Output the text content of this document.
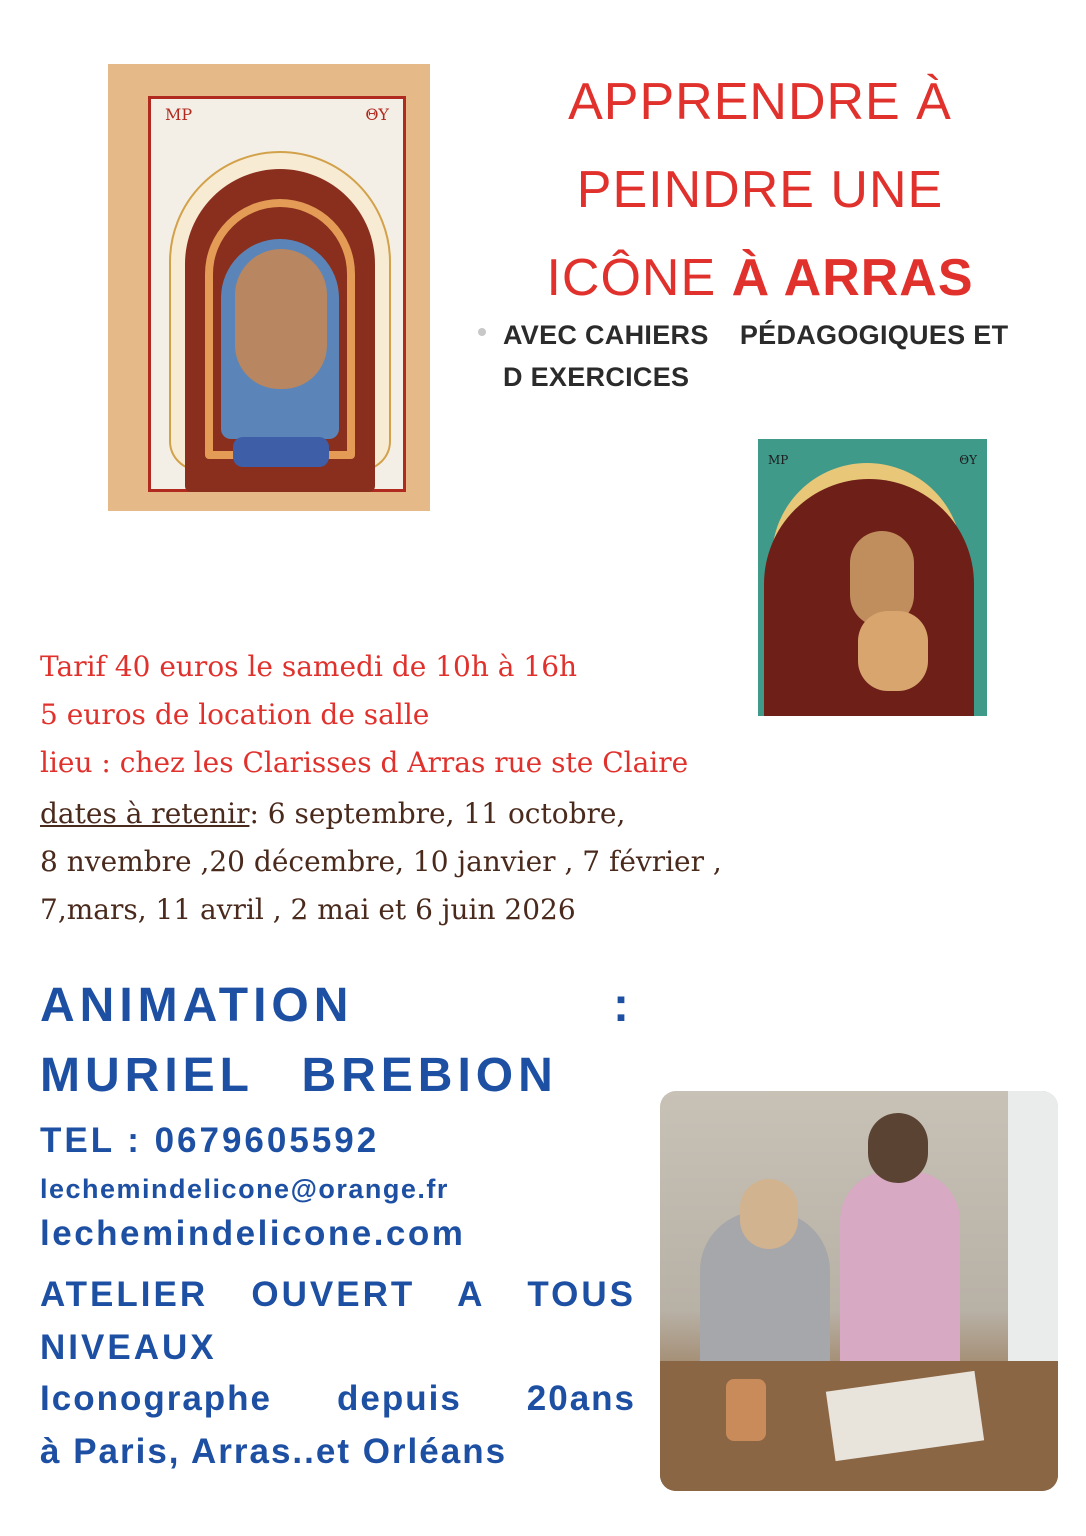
ΜΡ	ΘΥ	APPRENDRE À
PEINDRE UNE
ICÔNE À ARRAS
AVEC CAHIERS    PÉDAGOGIQUES ET
D EXERCICES
ΜΡ	ΘΥ
Tarif 40 euros le samedi de 10h à 16h
5 euros de location de salle
lieu : chez les Clarisses d Arras rue ste Claire
dates à retenir: 6 septembre, 11 octobre,
8 nvembre ,20 décembre, 10 janvier , 7 février ,
7,mars, 11 avril , 2 mai et 6 juin 2026
ANIMATION	:
MURIEL BREBION
TEL : 0679605592
lechemindelicone@orange.fr
lechemindelicone.com
ATELIER OUVERT A TOUS NIVEAUX
Iconographe depuis 20ans
à Paris, Arras..et Orléans
